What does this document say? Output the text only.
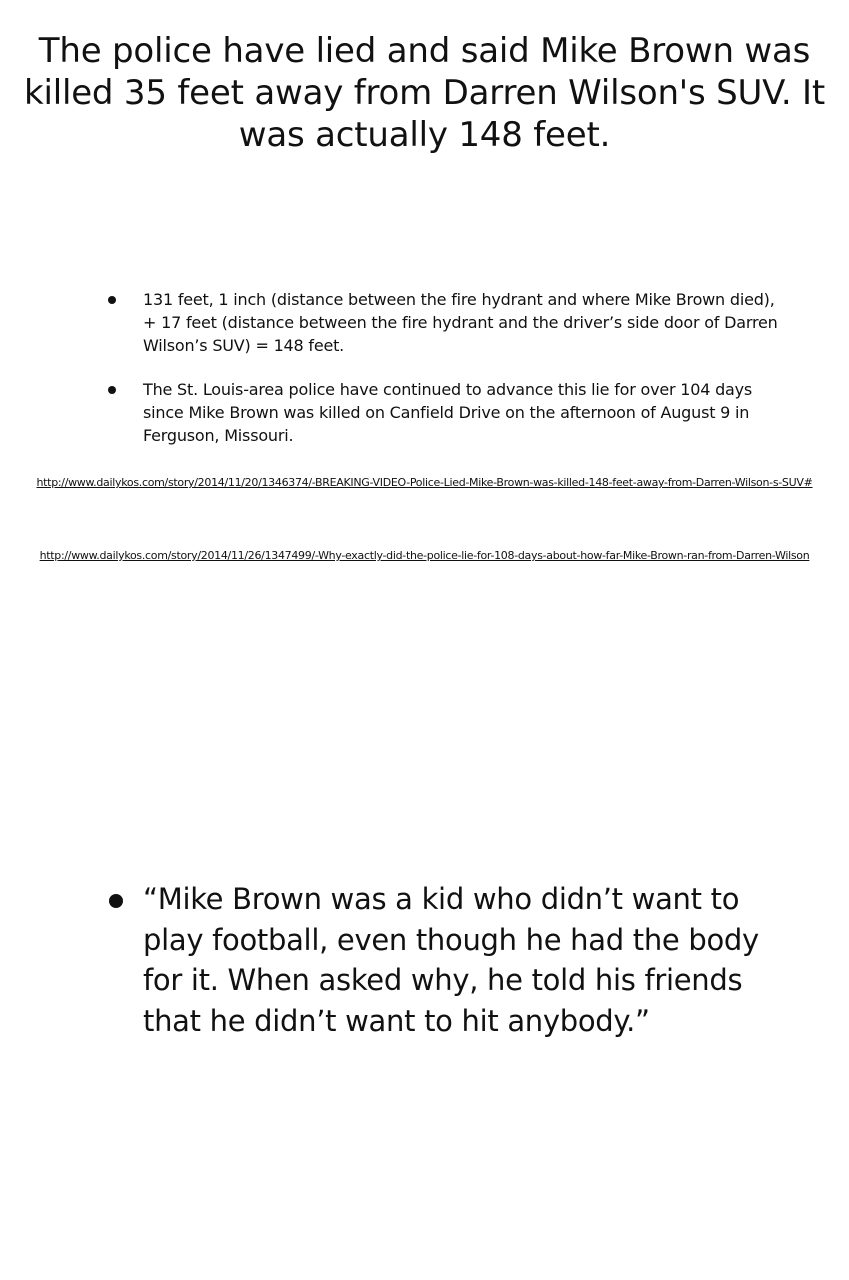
The police have lied and said Mike Brown was killed 35 feet away from Darren Wilson's SUV. It was actually 148 feet.
131 feet, 1 inch (distance between the fire hydrant and where Mike Brown died), + 17 feet (distance between the fire hydrant and the driver’s side door of Darren Wilson’s SUV) = 148 feet.
The St. Louis-area police have continued to advance this lie for over 104 days since Mike Brown was killed on Canfield Drive on the afternoon of August 9 in Ferguson, Missouri.
http://www.dailykos.com/story/2014/11/20/1346374/-BREAKING-VIDEO-Police-Lied-Mike-Brown-was-killed-148-feet-away-from-Darren-Wilson-s-SUV#
http://www.dailykos.com/story/2014/11/26/1347499/-Why-exactly-did-the-police-lie-for-108-days-about-how-far-Mike-Brown-ran-from-Darren-Wilson
“Mike Brown was a kid who didn’t want to play football, even though he had the body for it. When asked why, he told his friends that he didn’t want to hit anybody.”
